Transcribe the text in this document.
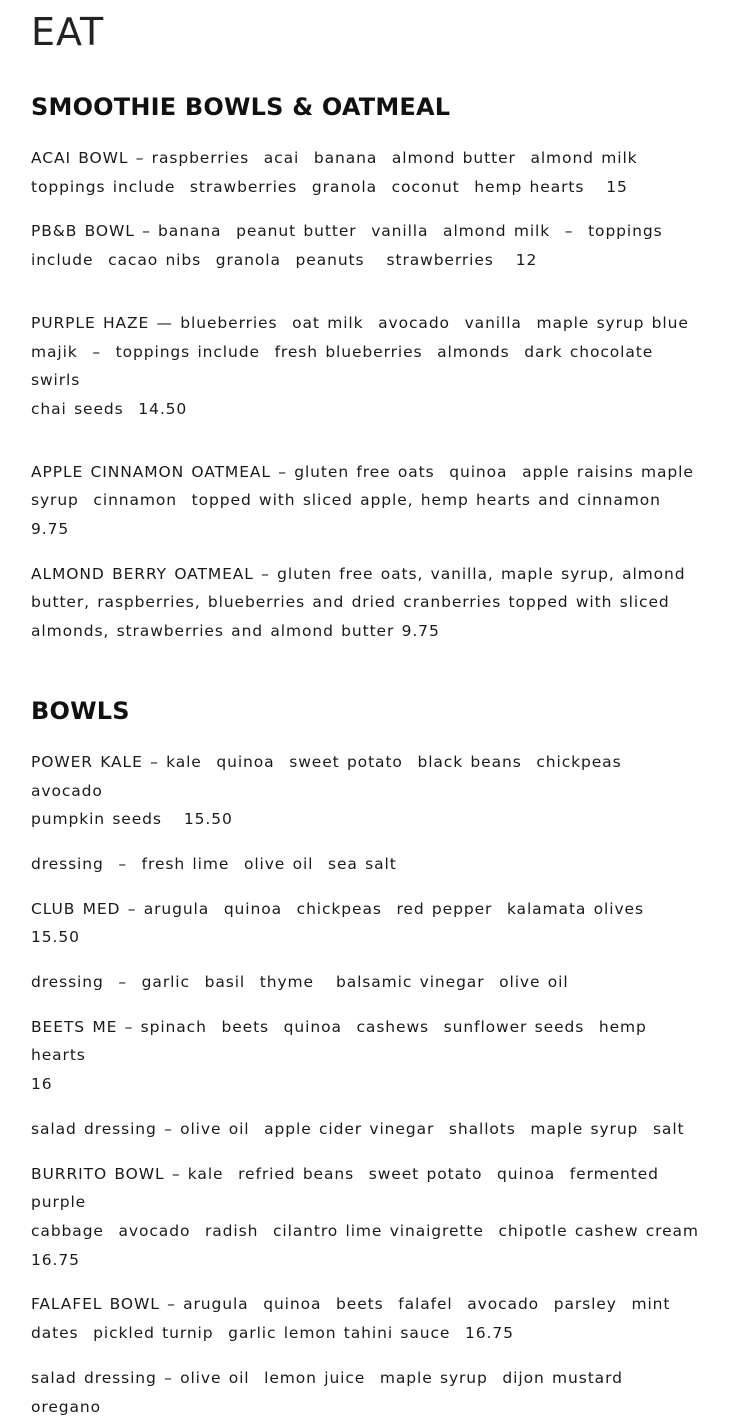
EAT
SMOOTHIE BOWLS & OATMEAL

ACAI BOWL – raspberries  acai  banana  almond butter  almond milk
toppings include  strawberries  granola  coconut  hemp hearts   15

PB&B BOWL – banana  peanut butter  vanilla  almond milk  –  toppings
include  cacao nibs  granola  peanuts   strawberries   12

PURPLE HAZE — blueberries  oat milk  avocado  vanilla  maple syrup blue
majik  –  toppings include  fresh blueberries  almonds  dark chocolate swirls
chai seeds  14.50

APPLE CINNAMON OATMEAL – gluten free oats  quinoa  apple raisins maple
syrup  cinnamon  topped with sliced apple, hemp hearts and cinnamon   9.75

ALMOND BERRY OATMEAL – gluten free oats, vanilla, maple syrup, almond
butter, raspberries, blueberries and dried cranberries topped with sliced
almonds, strawberries and almond butter 9.75

BOWLS

POWER KALE – kale  quinoa  sweet potato  black beans  chickpeas  avocado
pumpkin seeds   15.50

dressing  –  fresh lime  olive oil  sea salt

CLUB MED – arugula  quinoa  chickpeas  red pepper  kalamata olives   15.50

dressing  –  garlic  basil  thyme   balsamic vinegar  olive oil

BEETS ME – spinach  beets  quinoa  cashews  sunflower seeds  hemp hearts
16

salad dressing – olive oil  apple cider vinegar  shallots  maple syrup  salt

BURRITO BOWL – kale  refried beans  sweet potato  quinoa  fermented purple
cabbage  avocado  radish  cilantro lime vinaigrette  chipotle cashew cream
16.75

FALAFEL BOWL – arugula  quinoa  beets  falafel  avocado  parsley  mint
dates  pickled turnip  garlic lemon tahini sauce  16.75

salad dressing – olive oil  lemon juice  maple syrup  dijon mustard  oregano
